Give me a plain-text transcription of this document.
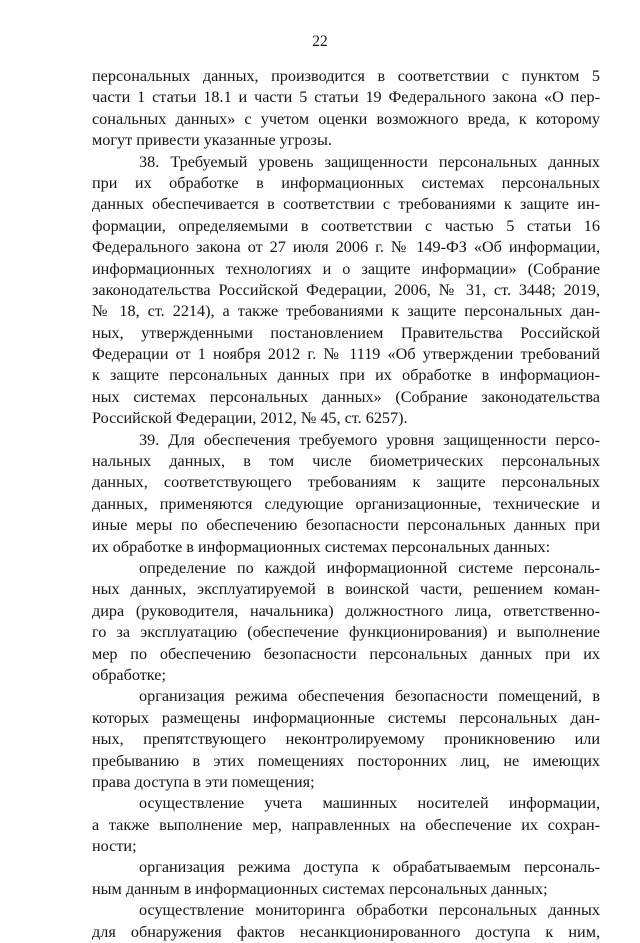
22
персональных данных, производится в соответствии с пунктом 5
части 1 статьи 18.1 и части 5 статьи 19 Федерального закона «О пер-
сональных данных» с учетом оценки возможного вреда, к которому
могут привести указанные угрозы.
38. Требуемый уровень защищенности персональных данных
при их обработке в информационных системах персональных
данных обеспечивается в соответствии с требованиями к защите ин-
формации, определяемыми в соответствии с частью 5 статьи 16
Федерального закона от 27 июля 2006 г. № 149-ФЗ «Об информации,
информационных технологиях и о защите информации» (Собрание
законодательства Российской Федерации, 2006, № 31, ст. 3448; 2019,
№ 18, ст. 2214), а также требованиями к защите персональных дан-
ных, утвержденными постановлением Правительства Российской
Федерации от 1 ноября 2012 г. № 1119 «Об утверждении требований
к защите персональных данных при их обработке в информацион-
ных системах персональных данных» (Собрание законодательства
Российской Федерации, 2012, № 45, ст. 6257).
39. Для обеспечения требуемого уровня защищенности персо-
нальных данных, в том числе биометрических персональных
данных, соответствующего требованиям к защите персональных
данных, применяются следующие организационные, технические и
иные меры по обеспечению безопасности персональных данных при
их обработке в информационных системах персональных данных:
определение по каждой информационной системе персональ-
ных данных, эксплуатируемой в воинской части, решением коман-
дира (руководителя, начальника) должностного лица, ответственно-
го за эксплуатацию (обеспечение функционирования) и выполнение
мер по обеспечению безопасности персональных данных при их
обработке;
организация режима обеспечения безопасности помещений, в
которых размещены информационные системы персональных дан-
ных, препятствующего неконтролируемому проникновению или
пребыванию в этих помещениях посторонних лиц, не имеющих
права доступа в эти помещения;
осуществление учета машинных носителей информации,
а также выполнение мер, направленных на обеспечение их сохран-
ности;
организация режима доступа к обрабатываемым персональ-
ным данным в информационных системах персональных данных;
осуществление мониторинга обработки персональных данных
для обнаружения фактов несанкционированного доступа к ним,
